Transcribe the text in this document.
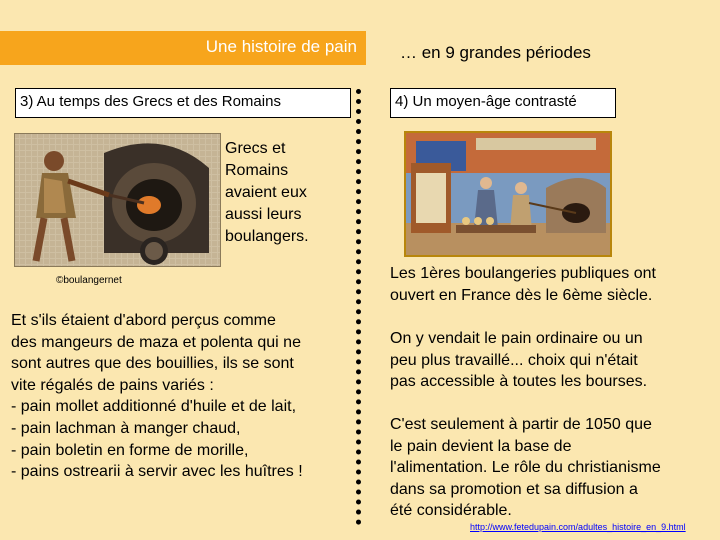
Une histoire de pain	… en 9 grandes périodes
3) Au temps des Grecs et des Romains	4) Un moyen-âge contrasté
Grecs et
Romains
avaient eux
aussi leurs
boulangers.
©boulangernet
Et s'ils étaient d'abord perçus comme
des mangeurs de maza et polenta qui ne
sont autres que des bouillies, ils se sont
vite régalés de pains variés :
- pain mollet additionné d'huile et de lait,
- pain lachman à manger chaud,
- pain boletin en forme de morille,
- pains ostrearii à servir avec les huîtres !
Les 1ères boulangeries publiques ont
ouvert en France dès le 6ème siècle.
On y vendait le pain ordinaire ou un
peu plus travaillé... choix qui n'était
pas accessible à toutes les bourses.
C'est seulement à partir de 1050 que
le pain devient la base de
l'alimentation. Le rôle du christianisme
dans sa promotion et sa diffusion a
été considérable.
http://www.fetedupain.com/adultes_histoire_en_9.html
